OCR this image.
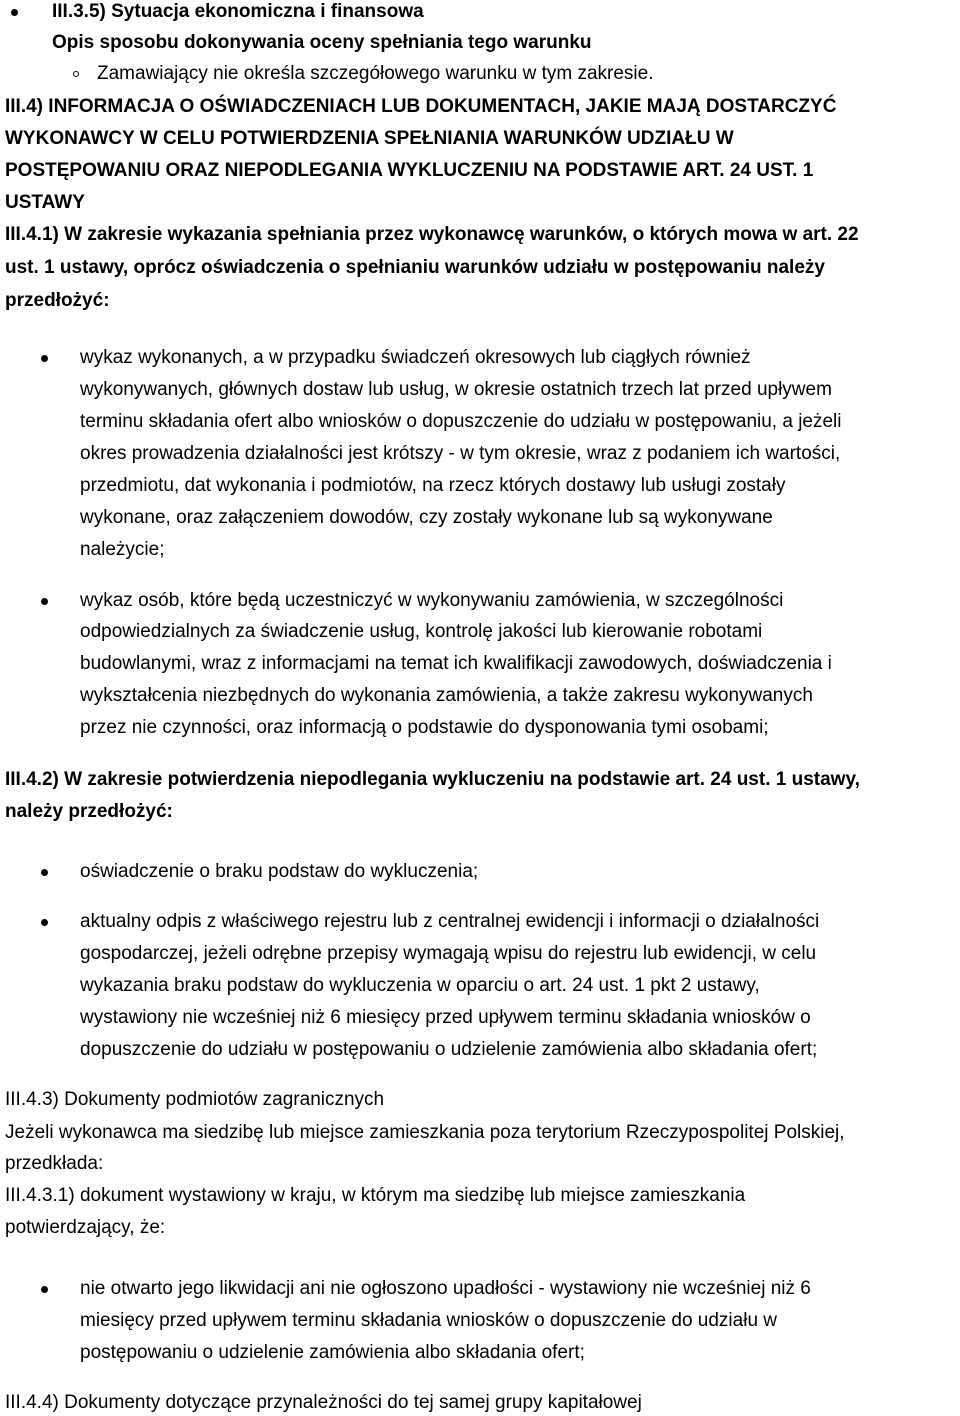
III.3.5) Sytuacja ekonomiczna i finansowa
Opis sposobu dokonywania oceny spełniania tego warunku
Zamawiający nie określa szczegółowego warunku w tym zakresie.
III.4) INFORMACJA O OŚWIADCZENIACH LUB DOKUMENTACH, JAKIE MAJĄ DOSTARCZYĆ
WYKONAWCY W CELU POTWIERDZENIA SPEŁNIANIA WARUNKÓW UDZIAŁU W
POSTĘPOWANIU ORAZ NIEPODLEGANIA WYKLUCZENIU NA PODSTAWIE ART. 24 UST. 1
USTAWY
III.4.1) W zakresie wykazania spełniania przez wykonawcę warunków, o których mowa w art. 22
ust. 1 ustawy, oprócz oświadczenia o spełnianiu warunków udziału w postępowaniu należy
przedłożyć:
wykaz wykonanych, a w przypadku świadczeń okresowych lub ciągłych również
wykonywanych, głównych dostaw lub usług, w okresie ostatnich trzech lat przed upływem
terminu składania ofert albo wniosków o dopuszczenie do udziału w postępowaniu, a jeżeli
okres prowadzenia działalności jest krótszy - w tym okresie, wraz z podaniem ich wartości,
przedmiotu, dat wykonania i podmiotów, na rzecz których dostawy lub usługi zostały
wykonane, oraz załączeniem dowodów, czy zostały wykonane lub są wykonywane
należycie;
wykaz osób, które będą uczestniczyć w wykonywaniu zamówienia, w szczególności
odpowiedzialnych za świadczenie usług, kontrolę jakości lub kierowanie robotami
budowlanymi, wraz z informacjami na temat ich kwalifikacji zawodowych, doświadczenia i
wykształcenia niezbędnych do wykonania zamówienia, a także zakresu wykonywanych
przez nie czynności, oraz informacją o podstawie do dysponowania tymi osobami;
III.4.2) W zakresie potwierdzenia niepodlegania wykluczeniu na podstawie art. 24 ust. 1 ustawy,
należy przedłożyć:
oświadczenie o braku podstaw do wykluczenia;
aktualny odpis z właściwego rejestru lub z centralnej ewidencji i informacji o działalności
gospodarczej, jeżeli odrębne przepisy wymagają wpisu do rejestru lub ewidencji, w celu
wykazania braku podstaw do wykluczenia w oparciu o art. 24 ust. 1 pkt 2 ustawy,
wystawiony nie wcześniej niż 6 miesięcy przed upływem terminu składania wniosków o
dopuszczenie do udziału w postępowaniu o udzielenie zamówienia albo składania ofert;
III.4.3) Dokumenty podmiotów zagranicznych
Jeżeli wykonawca ma siedzibę lub miejsce zamieszkania poza terytorium Rzeczypospolitej Polskiej,
przedkłada:
III.4.3.1) dokument wystawiony w kraju, w którym ma siedzibę lub miejsce zamieszkania
potwierdzający, że:
nie otwarto jego likwidacji ani nie ogłoszono upadłości - wystawiony nie wcześniej niż 6
miesięcy przed upływem terminu składania wniosków o dopuszczenie do udziału w
postępowaniu o udzielenie zamówienia albo składania ofert;
III.4.4) Dokumenty dotyczące przynależności do tej samej grupy kapitałowej
